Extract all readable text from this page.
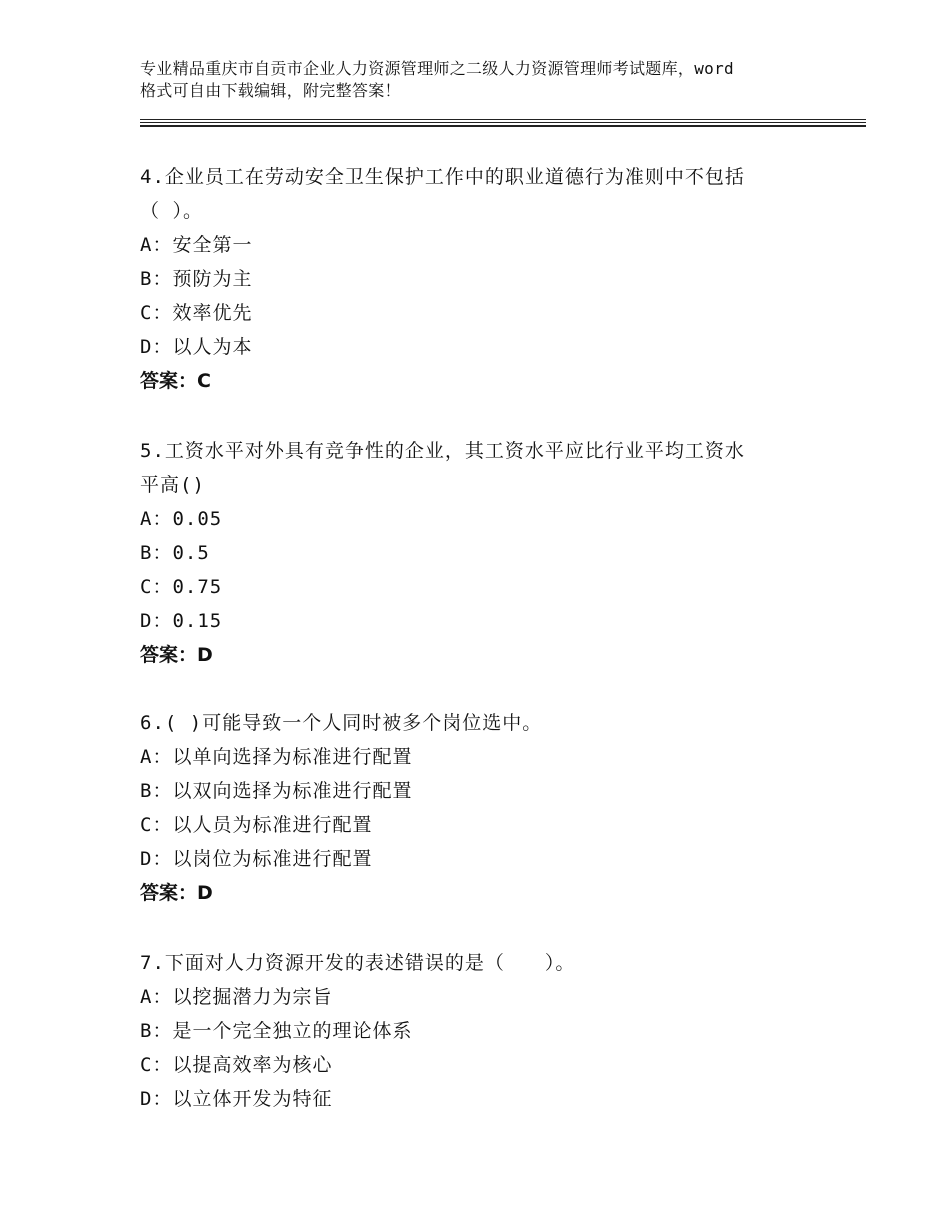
专业精品重庆市自贡市企业人力资源管理师之二级人力资源管理师考试题库，word
格式可自由下载编辑，附完整答案！
4.企业员工在劳动安全卫生保护工作中的职业道德行为准则中不包括
（ ）。
A：安全第一
B：预防为主
C：效率优先
D：以人为本
答案：C
5.工资水平对外具有竞争性的企业，其工资水平应比行业平均工资水
平高()
A：0.05
B：0.5
C：0.75
D：0.15
答案：D
6.( )可能导致一个人同时被多个岗位选中。
A：以单向选择为标准进行配置
B：以双向选择为标准进行配置
C：以人员为标准进行配置
D：以岗位为标准进行配置
答案：D
7.下面对人力资源开发的表述错误的是（　　）。
A：以挖掘潜力为宗旨
B：是一个完全独立的理论体系
C：以提高效率为核心
D：以立体开发为特征
